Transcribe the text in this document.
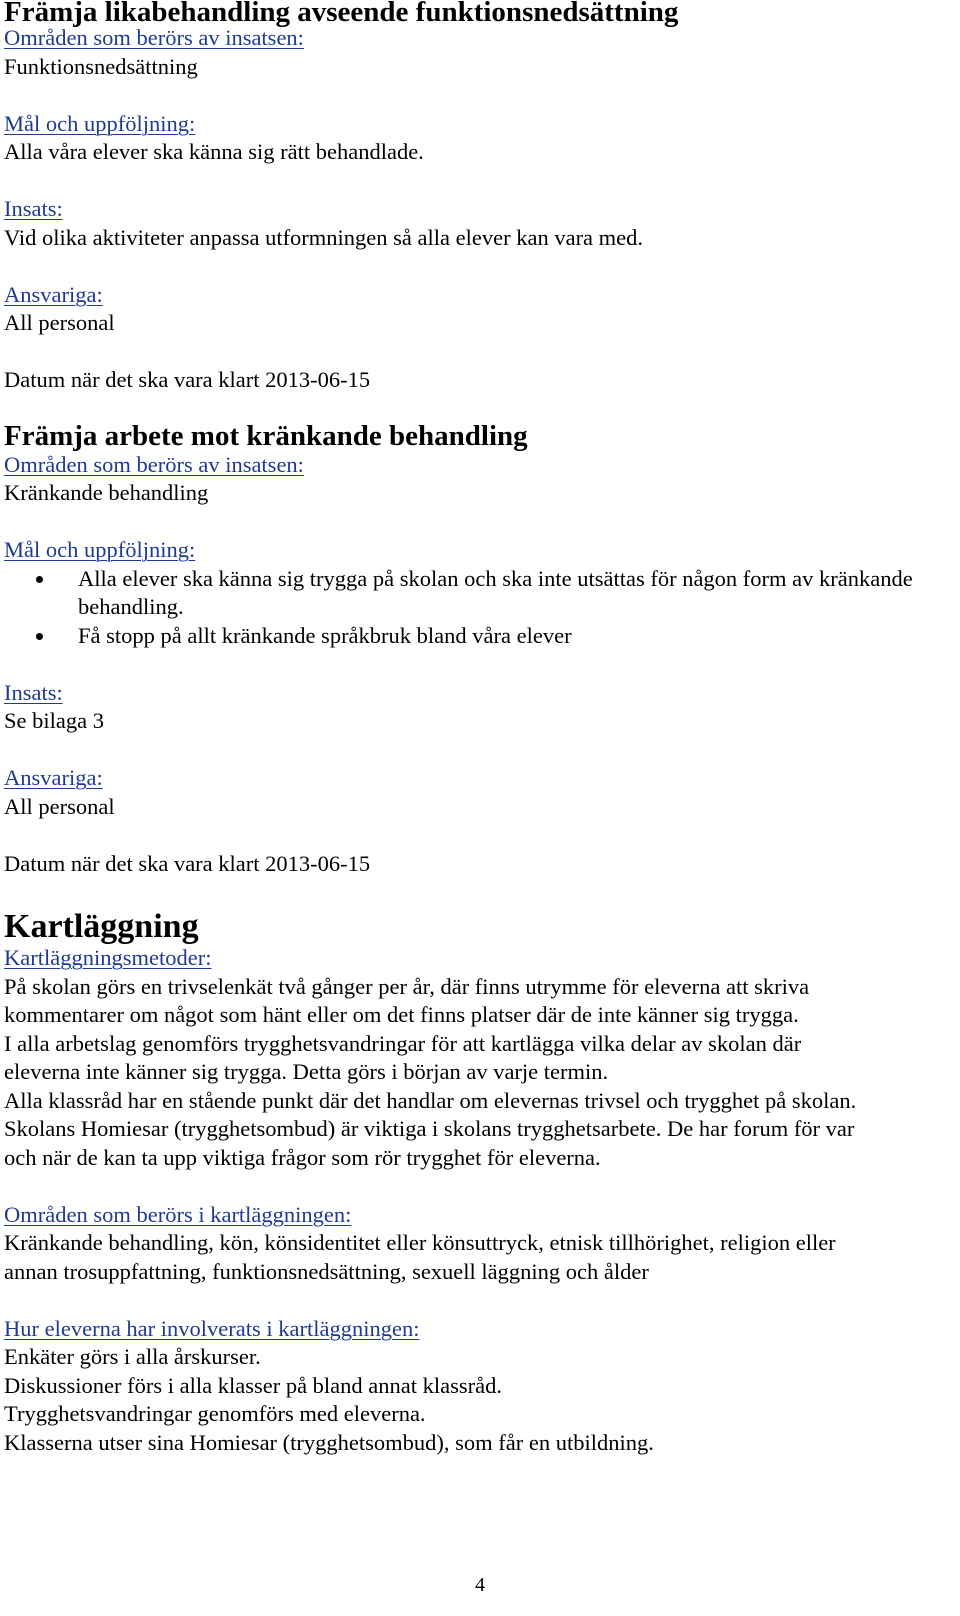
Främja likabehandling avseende funktionsnedsättning

Områden som berörs av insatsen:

Funktionsnedsättning

Mål och uppföljning:

Alla våra elever ska känna sig rätt behandlade.

Insats:

Vid olika aktiviteter anpassa utformningen så alla elever kan vara med.

Ansvariga:

All personal

Datum när det ska vara klart 2013-06-15

Främja arbete mot kränkande behandling

Områden som berörs av insatsen:

Kränkande behandling

Mål och uppföljning:

Alla elever ska känna sig trygga på skolan och ska inte utsättas för någon form av kränkande behandling.
Få stopp på allt kränkande språkbruk bland våra elever

Insats:

Se bilaga 3

Ansvariga:

All personal

Datum när det ska vara klart 2013-06-15

Kartläggning

Kartläggningsmetoder:

På skolan görs en trivselenkät två gånger per år, där finns utrymme för eleverna att skriva

kommentarer om något som hänt eller om det finns platser där de inte känner sig trygga.

I alla arbetslag genomförs trygghetsvandringar för att kartlägga vilka delar av skolan där

eleverna inte känner sig trygga. Detta görs i början av varje termin.

Alla klassråd har en stående punkt där det handlar om elevernas trivsel och trygghet på skolan.

Skolans Homiesar (trygghetsombud) är viktiga i skolans trygghetsarbete. De har forum för var

och när de kan ta upp viktiga frågor som rör trygghet för eleverna.

Områden som berörs i kartläggningen:

Kränkande behandling, kön, könsidentitet eller könsuttryck, etnisk tillhörighet, religion eller

annan trosuppfattning, funktionsnedsättning, sexuell läggning och ålder

Hur eleverna har involverats i kartläggningen:

Enkäter görs i alla årskurser.

Diskussioner förs i alla klasser på bland annat klassråd.

Trygghetsvandringar genomförs med eleverna.

Klasserna utser sina Homiesar (trygghetsombud), som får en utbildning.

4
